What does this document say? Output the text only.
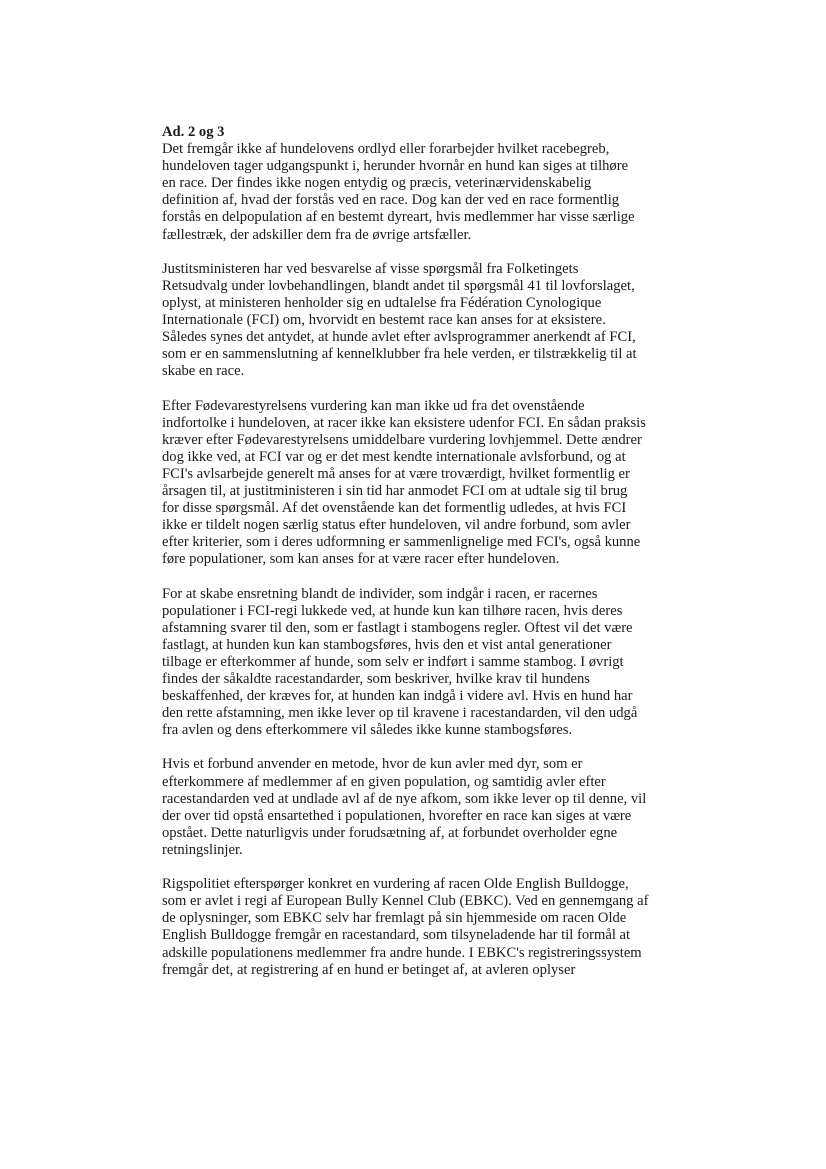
Ad. 2 og 3
Det fremgår ikke af hundelovens ordlyd eller forarbejder hvilket racebegreb,
hundeloven tager udgangspunkt i, herunder hvornår en hund kan siges at tilhøre
en race. Der findes ikke nogen entydig og præcis, veterinærvidenskabelig
definition af, hvad der forstås ved en race. Dog kan der ved en race formentlig
forstås en delpopulation af en bestemt dyreart, hvis medlemmer har visse særlige
fællestræk, der adskiller dem fra de øvrige artsfæller.
Justitsministeren har ved besvarelse af visse spørgsmål fra Folketingets
Retsudvalg under lovbehandlingen, blandt andet til spørgsmål 41 til lovforslaget,
oplyst, at ministeren henholder sig en udtalelse fra Fédération Cynologique
Internationale (FCI) om, hvorvidt en bestemt race kan anses for at eksistere.
Således synes det antydet, at hunde avlet efter avlsprogrammer anerkendt af FCI,
som er en sammenslutning af kennelklubber fra hele verden, er tilstrækkelig til at
skabe en race.
Efter Fødevarestyrelsens vurdering kan man ikke ud fra det ovenstående
indfortolke i hundeloven, at racer ikke kan eksistere udenfor FCI. En sådan praksis
kræver efter Fødevarestyrelsens umiddelbare vurdering lovhjemmel. Dette ændrer
dog ikke ved, at FCI var og er det mest kendte internationale avlsforbund, og at
FCI's avlsarbejde generelt må anses for at være troværdigt, hvilket formentlig er
årsagen til, at justitministeren i sin tid har anmodet FCI om at udtale sig til brug
for disse spørgsmål. Af det ovenstående kan det formentlig udledes, at hvis FCI
ikke er tildelt nogen særlig status efter hundeloven, vil andre forbund, som avler
efter kriterier, som i deres udformning er sammenlignelige med FCI's, også kunne
føre populationer, som kan anses for at være racer efter hundeloven.
For at skabe ensretning blandt de individer, som indgår i racen, er racernes
populationer i FCI-regi lukkede ved, at hunde kun kan tilhøre racen, hvis deres
afstamning svarer til den, som er fastlagt i stambogens regler. Oftest vil det være
fastlagt, at hunden kun kan stambogsføres, hvis den et vist antal generationer
tilbage er efterkommer af hunde, som selv er indført i samme stambog. I øvrigt
findes der såkaldte racestandarder, som beskriver, hvilke krav til hundens
beskaffenhed, der kræves for, at hunden kan indgå i videre avl. Hvis en hund har
den rette afstamning, men ikke lever op til kravene i racestandarden, vil den udgå
fra avlen og dens efterkommere vil således ikke kunne stambogsføres.
Hvis et forbund anvender en metode, hvor de kun avler med dyr, som er
efterkommere af medlemmer af en given population, og samtidig avler efter
racestandarden ved at undlade avl af de nye afkom, som ikke lever op til denne, vil
der over tid opstå ensartethed i populationen, hvorefter en race kan siges at være
opstået. Dette naturligvis under forudsætning af, at forbundet overholder egne
retningslinjer.
Rigspolitiet efterspørger konkret en vurdering af racen Olde English Bulldogge,
som er avlet i regi af European Bully Kennel Club (EBKC). Ved en gennemgang af
de oplysninger, som EBKC selv har fremlagt på sin hjemmeside om racen Olde
English Bulldogge fremgår en racestandard, som tilsyneladende har til formål at
adskille populationens medlemmer fra andre hunde. I EBKC's registreringssystem
fremgår det, at registrering af en hund er betinget af, at avleren oplyser
